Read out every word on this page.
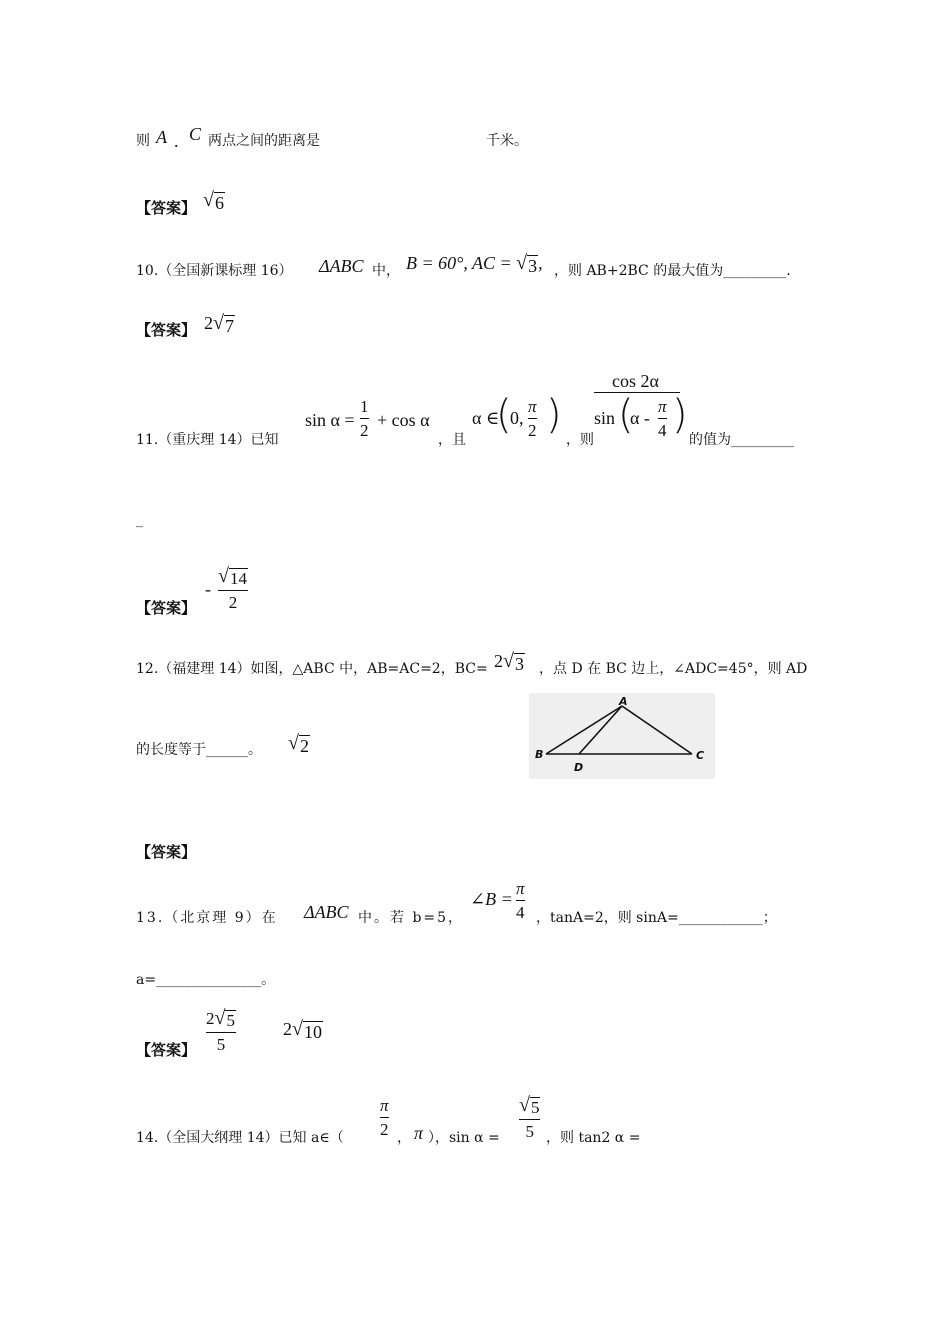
则 A . C 两点之间的距离是	千米。
【答案】 √ 6
10.（全国新课标理 16） ΔABC 中， B = 60°, AC = √ 3 , ，则 AB+2BC 的最大值为_________.
【答案】 2 √ 7
11.（重庆理 14）已知
sin α =
1
2
+ cos α
，且
α ∈
(
0,
π
2 )
，则
cos 2α
sin (
α -
π
4 )
的值为_________
_
【答案】
-
√ 14
2
12.（福建理 14）如图，△ABC 中，AB=AC=2，BC= 2 √ 3 ，点 D 在 BC 边上，∠ADC=45°，则 AD
的长度等于______。 √ 2
A
B	C
D
【答案】
13.（北京理 9）在 ΔABC 中。若 b=5，
∠B =
π
4 ，tanA=2，则 sinA=____________；
a=_______________。
【答案】
2 √ 5
5
2 √ 10
14.（全国大纲理 14）已知 a∈（
π
2 ， π ），sin α =
√ 5
5 ，则 tan2 α =
